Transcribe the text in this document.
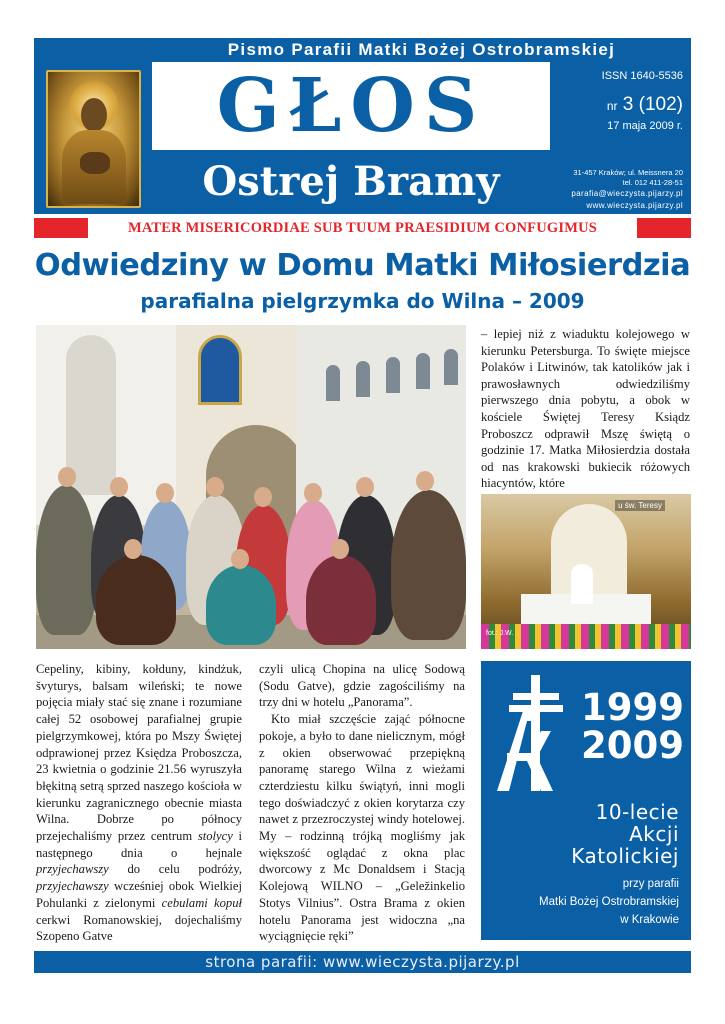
Pismo Parafii Matki Bożej Ostrobramskiej
GŁOS
Ostrej Bramy
ISSN 1640-5536
nr 3 (102)
17 maja 2009 r.
31-457 Kraków; ul. Meissnera 20
tel. 012 411-28-51
parafia@wieczysta.pijarzy.pl
www.wieczysta.pijarzy.pl
MATER MISERICORDIAE SUB TUUM PRAESIDIUM CONFUGIMUS
Odwiedziny w Domu Matki Miłosierdzia
parafialna pielgrzymka do Wilna – 2009

– lepiej niż z wiaduktu kolejowego w kierunku Petersburga. To święte miejsce Polaków i Litwinów, tak katolików jak i prawosławnych odwiedziliśmy pierwszego dnia pobytu, a obok w kościele Świętej Teresy Ksiądz Proboszcz odprawił Mszę świętą o godzinie 17. Matka Miłosierdzia dostała od nas krakowski bukiecik różowych hiacyntów, które

u św. Teresy
fot.: J.W.

Cepeliny, kibiny, kołduny, kindżuk, švyturys, balsam wileński; te nowe pojęcia miały stać się znane i rozumiane całej 52 osobowej parafialnej grupie pielgrzymkowej, która po Mszy Świętej odprawionej przez Księdza Proboszcza, 23 kwietnia o godzinie 21.56 wyruszyła błękitną setrą sprzed naszego kościoła w kierunku zagranicznego obecnie miasta Wilna. Dobrze po północy przejechaliśmy przez centrum stolycy i następnego dnia o hejnale przyjechawszy do celu podróży, przyjechawszy wcześniej obok Wielkiej Pohulanki z zielonymi cebulami kopuł cerkwi Romanowskiej, dojechaliśmy Szopeno Gatve

czyli ulicą Chopina na ulicę Sodową (Sodu Gatve), gdzie zagościliśmy na trzy dni w hotelu „Panorama”.

Kto miał szczęście zająć północne pokoje, a było to dane nielicznym, mógł z okien obserwować przepiękną panoramę starego Wilna z wieżami czterdziestu kilku świątyń, inni mogli tego doświadczyć z okien korytarza czy nawet z przezroczystej windy hotelowej. My – rodzinną trójką mogliśmy jak większość oglądać z okna plac dworcowy z Mc Donaldsem i Stacją Kolejową WILNO – „Geležinkelio Stotys Vilnius”. Ostra Brama z okien hotelu Panorama jest widoczna „na wyciągnięcie ręki”

1999
2009
10-lecie
Akcji
Katolickiej
przy parafii
Matki Bożej Ostrobramskiej
w Krakowie
strona parafii: www.wieczysta.pijarzy.pl
